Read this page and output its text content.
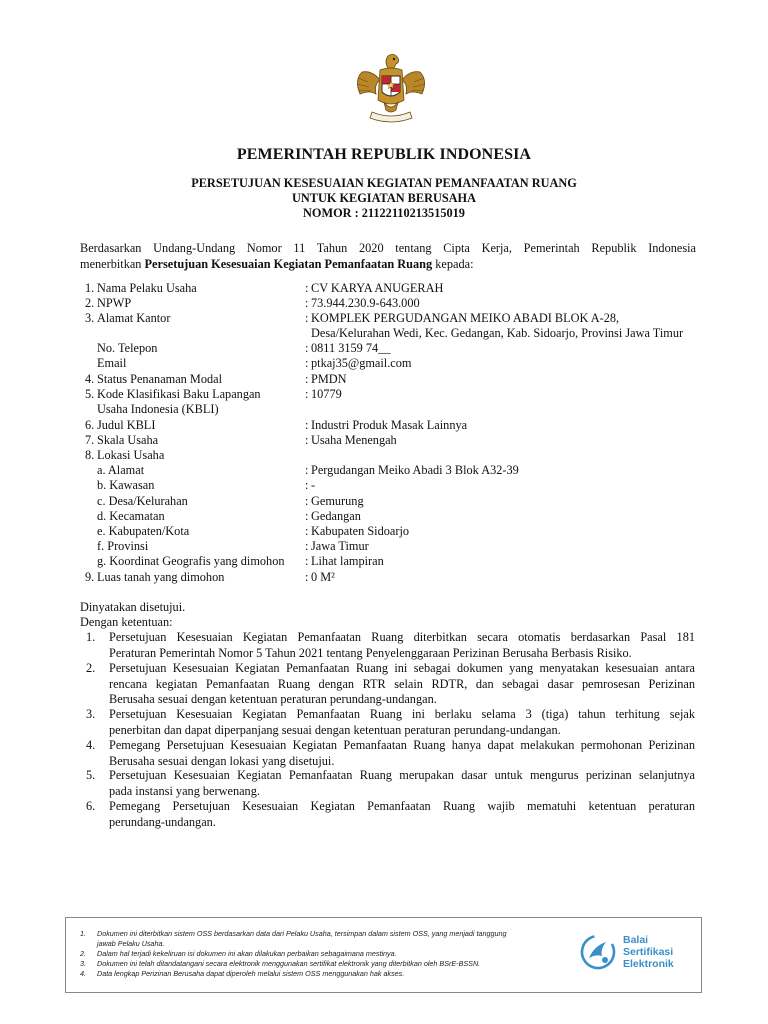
PEMERINTAH REPUBLIK INDONESIA
PERSETUJUAN KESESUAIAN KEGIATAN PEMANFAATAN RUANG
UNTUK KEGIATAN BERUSAHA
NOMOR : 21122110213515019
Berdasarkan Undang-Undang Nomor 11 Tahun 2020 tentang Cipta Kerja, Pemerintah Republik Indonesia
menerbitkan Persetujuan Kesesuaian Kegiatan Pemanfaatan Ruang kepada:
1. Nama Pelaku Usaha	: CV KARYA ANUGERAH
2. NPWP	: 73.944.230.9-643.000
3. Alamat Kantor	: KOMPLEK PERGUDANGAN MEIKO ABADI BLOK A-28,
Desa/Kelurahan Wedi, Kec. Gedangan, Kab. Sidoarjo, Provinsi Jawa Timur
No. Telepon	: 0811 3159 74__
Email	: ptkaj35@gmail.com
4. Status Penanaman Modal	: PMDN
5. Kode Klasifikasi Baku Lapangan	: 10779
Usaha Indonesia (KBLI)
6. Judul KBLI	: Industri Produk Masak Lainnya
7. Skala Usaha	: Usaha Menengah
8. Lokasi Usaha
a. Alamat	: Pergudangan Meiko Abadi 3 Blok A32-39
b. Kawasan	: -
c. Desa/Kelurahan	: Gemurung
d. Kecamatan	: Gedangan
e. Kabupaten/Kota	: Kabupaten Sidoarjo
f. Provinsi	: Jawa Timur
g. Koordinat Geografis yang dimohon : Lihat lampiran
9. Luas tanah yang dimohon	: 0 M²
Dinyatakan disetujui.
Dengan ketentuan:
1. Persetujuan Kesesuaian Kegiatan Pemanfaatan Ruang diterbitkan secara otomatis berdasarkan Pasal 181
Peraturan Pemerintah Nomor 5 Tahun 2021 tentang Penyelenggaraan Perizinan Berusaha Berbasis Risiko.
2. Persetujuan Kesesuaian Kegiatan Pemanfaatan Ruang ini sebagai dokumen yang menyatakan kesesuaian antara
rencana kegiatan Pemanfaatan Ruang dengan RTR selain RDTR, dan sebagai dasar pemrosesan Perizinan
Berusaha sesuai dengan ketentuan peraturan perundang-undangan.
3. Persetujuan Kesesuaian Kegiatan Pemanfaatan Ruang ini berlaku selama 3 (tiga) tahun terhitung sejak
penerbitan dan dapat diperpanjang sesuai dengan ketentuan peraturan perundang-undangan.
4. Pemegang Persetujuan Kesesuaian Kegiatan Pemanfaatan Ruang hanya dapat melakukan permohonan Perizinan
Berusaha sesuai dengan lokasi yang disetujui.
5. Persetujuan Kesesuaian Kegiatan Pemanfaatan Ruang merupakan dasar untuk mengurus perizinan selanjutnya
pada instansi yang berwenang.
6. Pemegang Persetujuan Kesesuaian Kegiatan Pemanfaatan Ruang wajib mematuhi ketentuan peraturan
perundang-undangan.
1. Dokumen ini diterbitkan sistem OSS berdasarkan data dari Pelaku Usaha, tersimpan dalam sistem OSS, yang menjadi tanggung
jawab Pelaku Usaha.
2. Dalam hal terjadi kekeliruan isi dokumen ini akan dilakukan perbaikan sebagaimana mestinya.
3. Dokumen ini telah ditandatangani secara elektronik menggunakan sertifikat elektronik yang diterbitkan oleh BSrE-BSSN.
4. Data lengkap Perizinan Berusaha dapat diperoleh melalui sistem OSS menggunakan hak akses.
Balai
Sertifikasi
Elektronik
